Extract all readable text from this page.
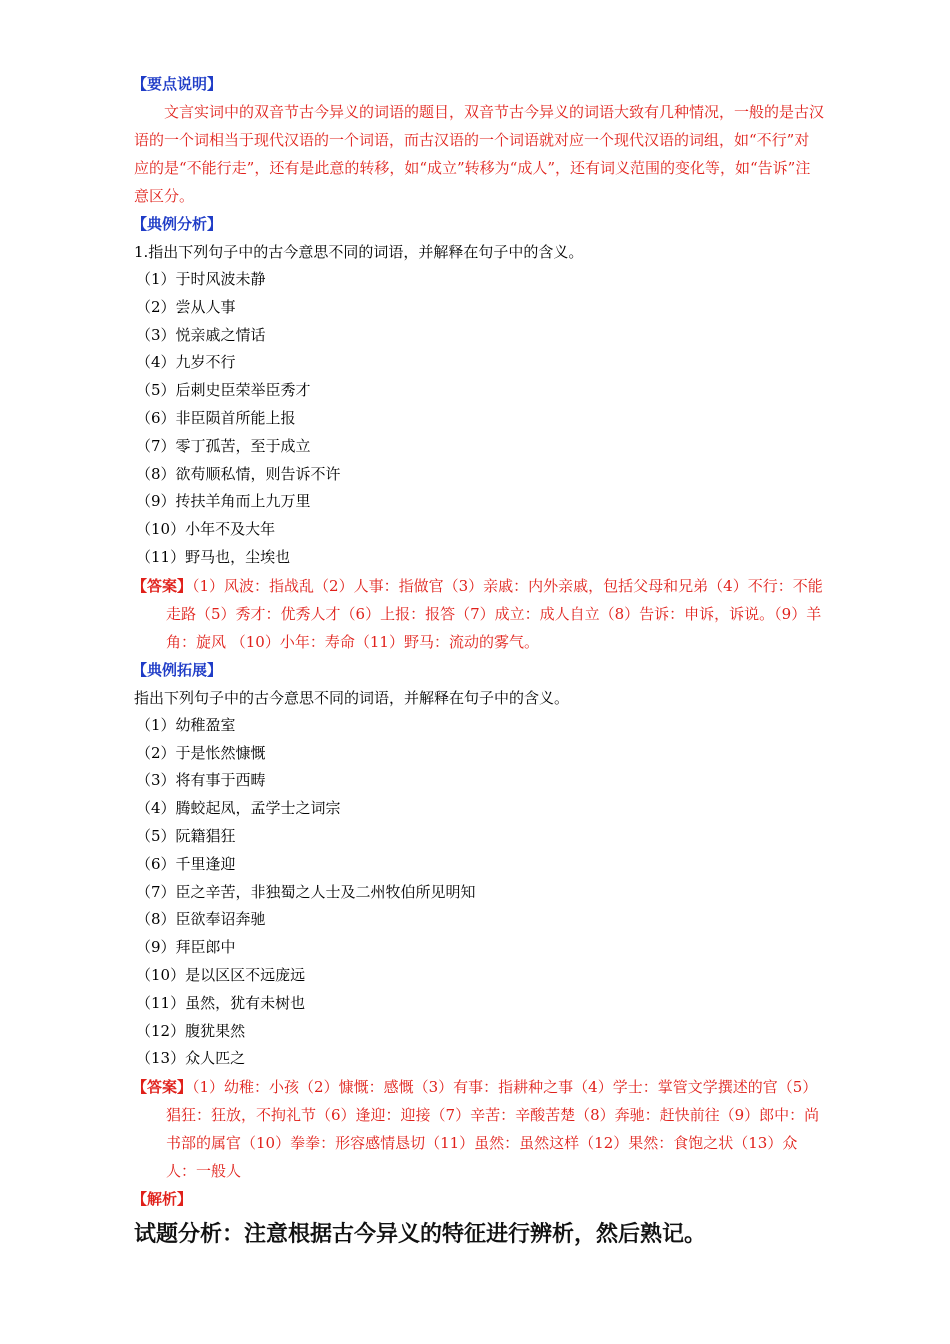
【要点说明】
文言实词中的双音节古今异义的词语的题目，双音节古今异义的词语大致有几种情况，一般的是古汉语的一个词相当于现代汉语的一个词语，而古汉语的一个词语就对应一个现代汉语的词组，如“不行”对应的是“不能行走”，还有是此意的转移，如“成立”转移为“成人”，还有词义范围的变化等，如“告诉”注意区分。
【典例分析】
1.指出下列句子中的古今意思不同的词语，并解释在句子中的含义。
（1）于时风波未静
（2）尝从人事
（3）悦亲戚之情话
（4）九岁不行
（5）后刺史臣荣举臣秀才
（6）非臣陨首所能上报
（7）零丁孤苦，至于成立
（8）欲苟顺私情，则告诉不许
（9）抟扶羊角而上九万里
（10）小年不及大年
（11）野马也，尘埃也
【答案】（1）风波：指战乱（2）人事：指做官（3）亲戚：内外亲戚，包括父母和兄弟（4）不行：不能走路（5）秀才：优秀人才（6）上报：报答（7）成立：成人自立（8）告诉：申诉，诉说。（9）羊角：旋风 （10）小年：寿命（11）野马：流动的雾气。
【典例拓展】
指出下列句子中的古今意思不同的词语，并解释在句子中的含义。
（1）幼稚盈室
（2）于是怅然慷慨
（3）将有事于西畴
（4）腾蛟起凤，孟学士之词宗
（5）阮籍猖狂
（6）千里逢迎
（7）臣之辛苦，非独蜀之人士及二州牧伯所见明知
（8）臣欲奉诏奔驰
（9）拜臣郎中
（10）是以区区不远庞远
（11）虽然，犹有未树也
（12）腹犹果然
（13）众人匹之
【答案】（1）幼稚：小孩（2）慷慨：感慨（3）有事：指耕种之事（4）学士：掌管文学撰述的官（5）猖狂：狂放，不拘礼节（6）逢迎：迎接（7）辛苦：辛酸苦楚（8）奔驰：赶快前往（9）郎中：尚书部的属官（10）拳拳：形容感情恳切（11）虽然：虽然这样（12）果然：食饱之状（13）众人：一般人
【解析】
试题分析：注意根据古今异义的特征进行辨析，然后熟记。
